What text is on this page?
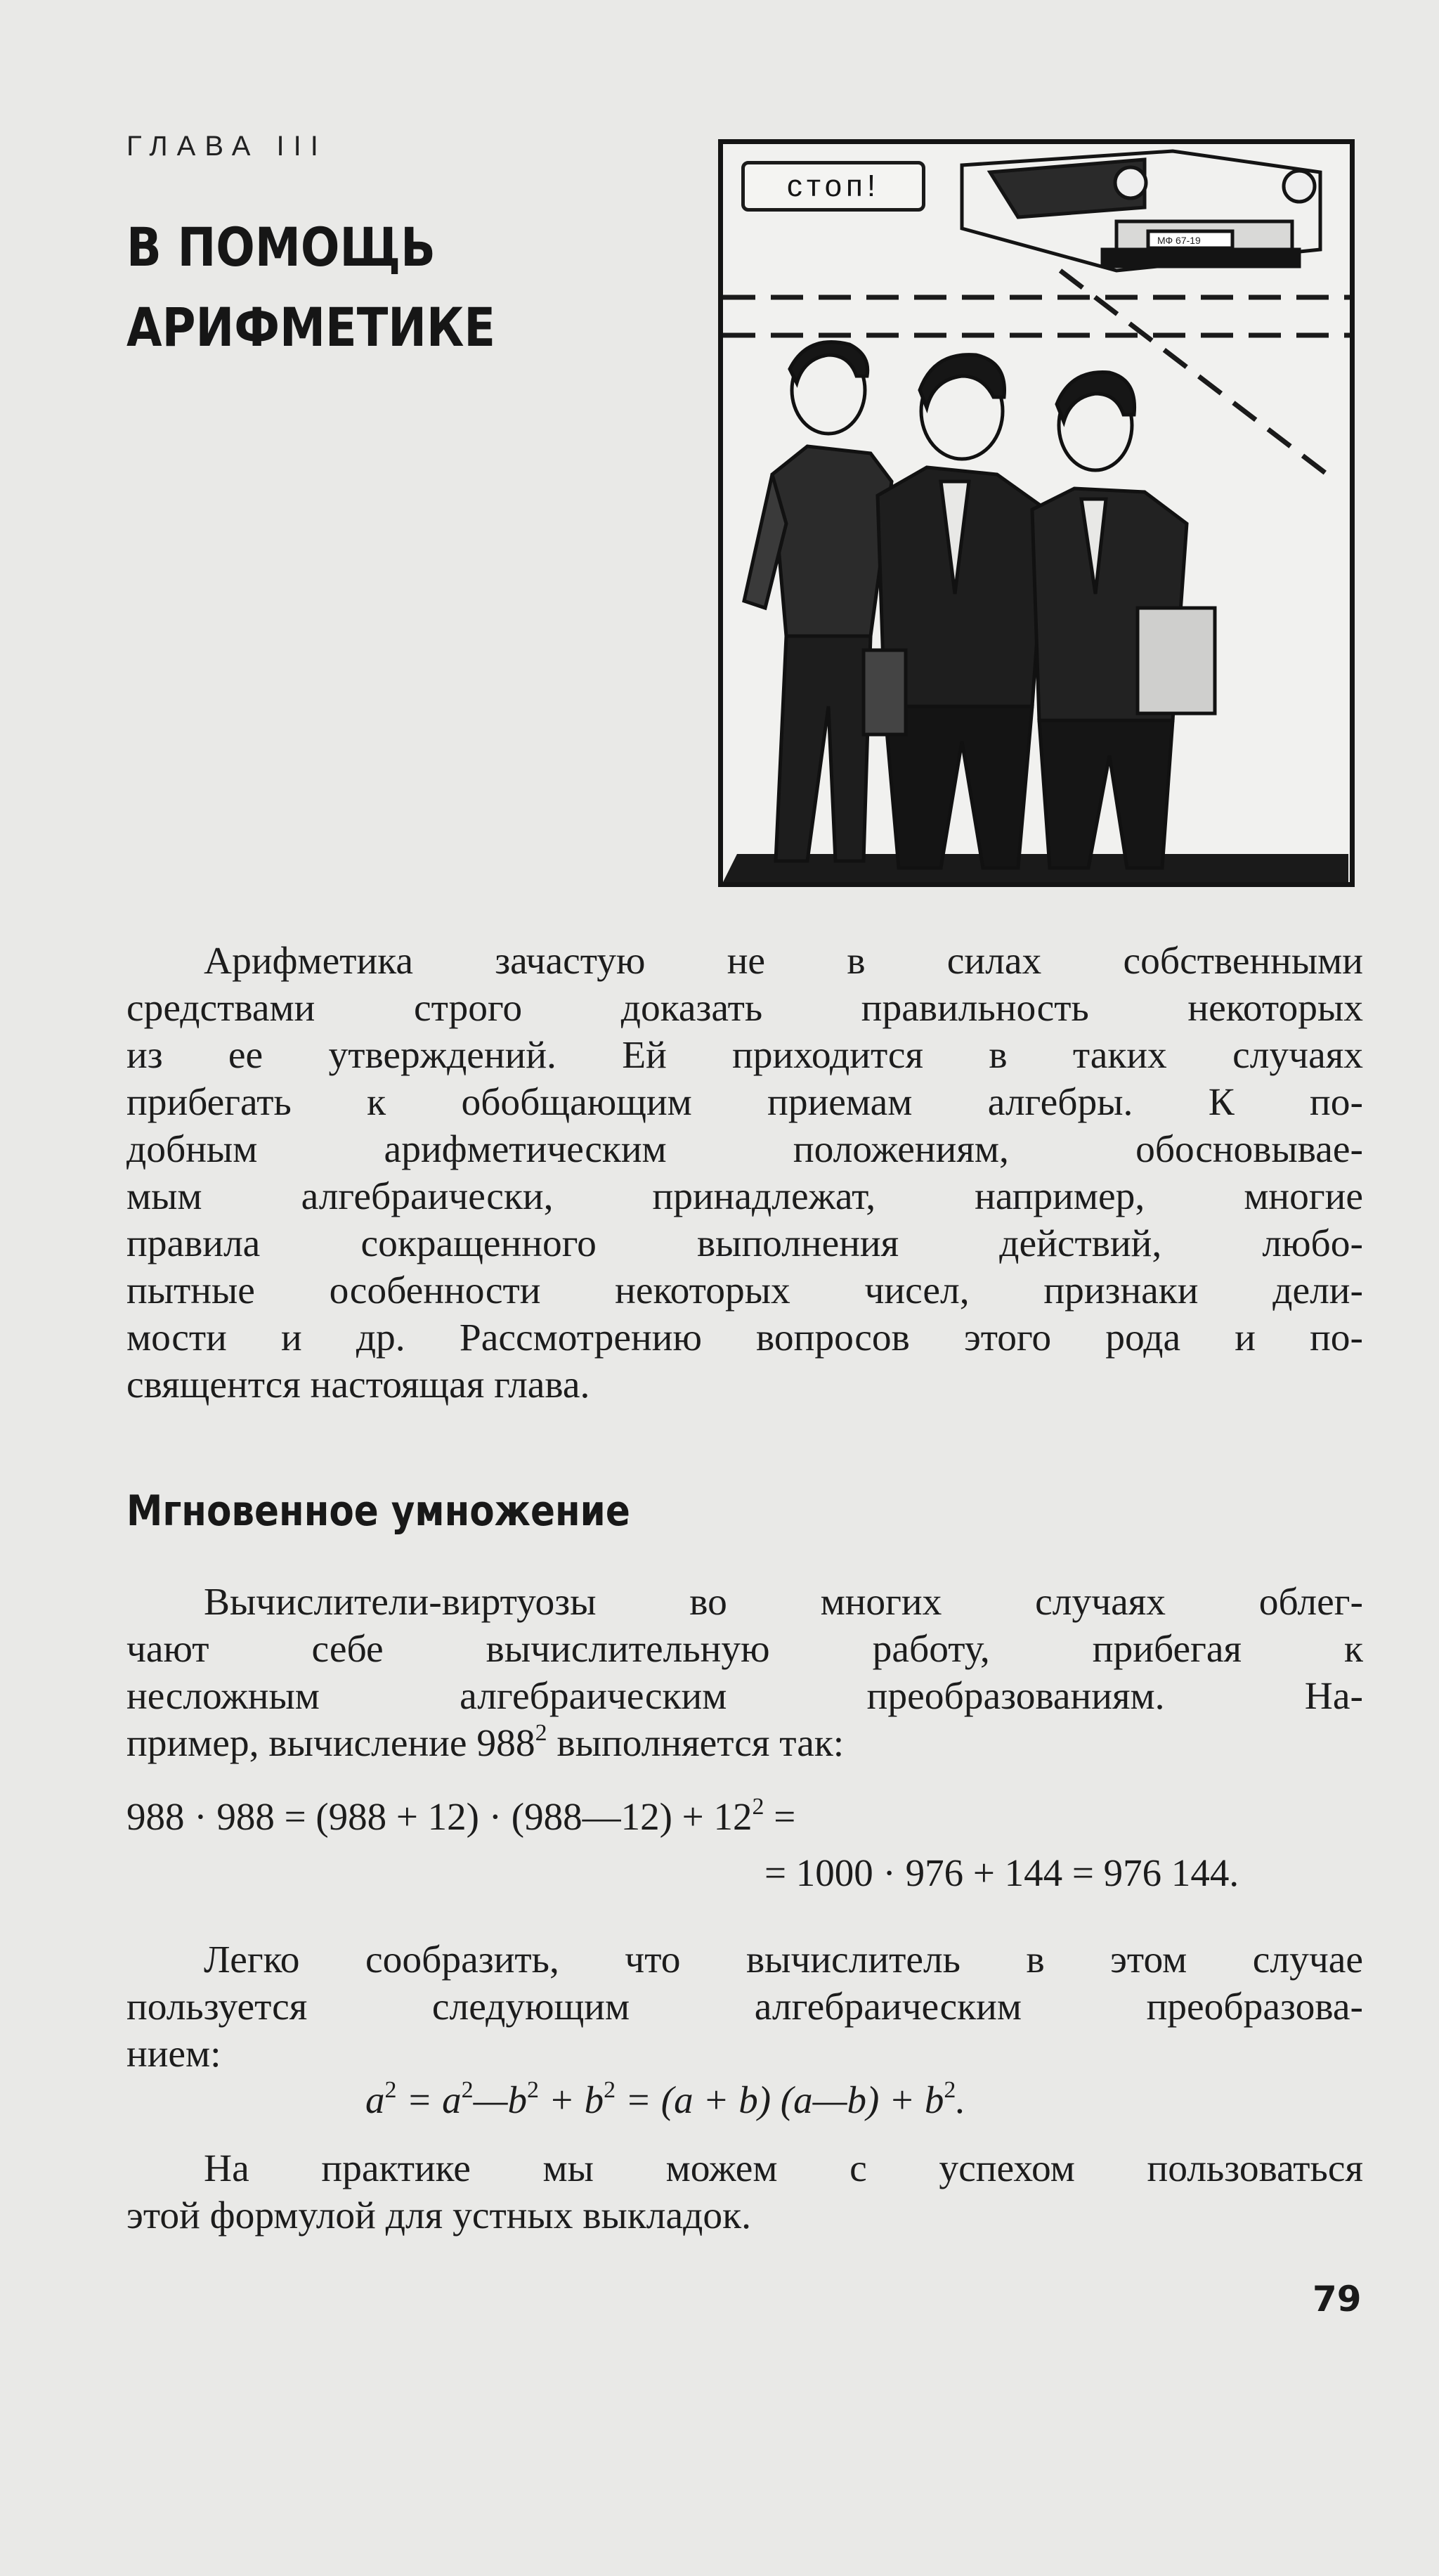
ГЛАВА III
В ПОМОЩЬ
АРИФМЕТИКЕ
МФ 67-19
стоп!

Арифметика зачастую не в силах собственными

средствами строго доказать правильность некоторых

из ее утверждений. Ей приходится в таких случаях

прибегать к обобщающим приемам алгебры. К по-

добным арифметическим положениям, обосновывае-

мым алгебраически, принадлежат, например, многие

правила сокращенного выполнения действий, любо-

пытные особенности некоторых чисел, признаки дели-

мости и др. Рассмотрению вопросов этого рода и по-

священтся настоящая глава.

Мгновенное умножение

Вычислители-виртуозы во многих случаях облег-

чают себе вычислительную работу, прибегая к

несложным алгебраическим преобразованиям. На-

пример, вычисление $988^2$ выполняется так:

988 · 988 = (988 + 12) · (988—12) + $12^2$ =
= 1000 · 976 + 144 = 976 144.

Легко сообразить, что вычислитель в этом случае

пользуется следующим алгебраическим преобразова-

нием:

$a^2$ = $a^2—b^2 + b^2 = (a + b)$ (a—b) + $b^2$.

На практике мы можем с успехом пользоваться

этой формулой для устных выкладок.

79
